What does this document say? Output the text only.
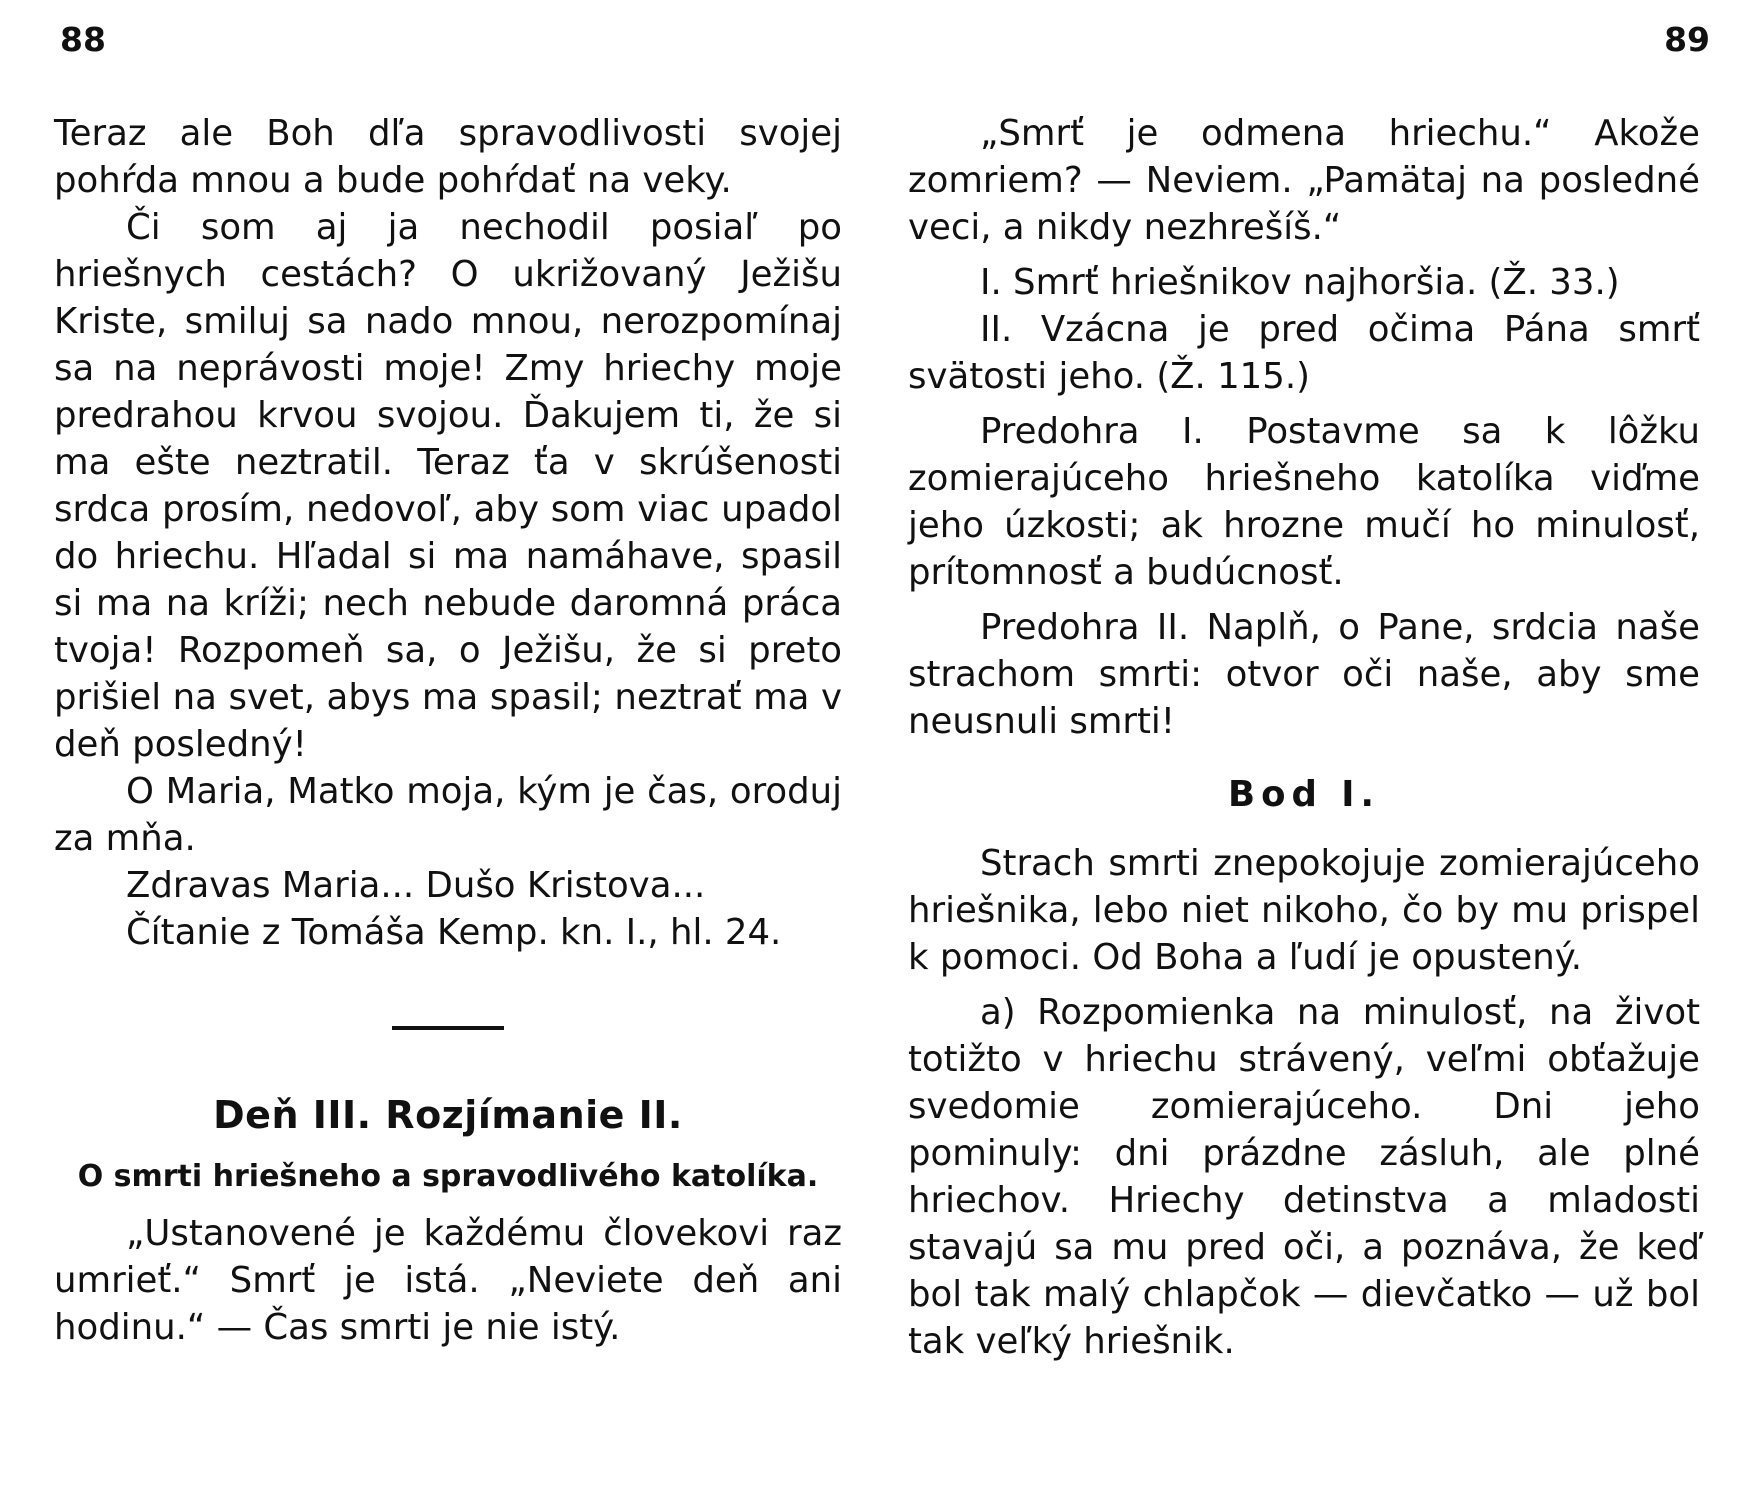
88

Teraz ale Boh dľa spravodlivosti svojej pohŕda mnou a bude pohŕdať na veky.

Či som aj ja nechodil posiaľ po hriešnych cestách? O ukrižovaný Ježišu Kriste, smiluj sa nado mnou, nerozpomínaj sa na neprávosti moje! Zmy hriechy moje predrahou krvou svojou. Ďakujem ti, že si ma ešte neztratil. Teraz ťa v skrúšenosti srdca prosím, nedovoľ, aby som viac upadol do hriechu. Hľadal si ma namáhave, spasil si ma na kríži; nech nebude daromná práca tvoja! Rozpomeň sa, o Ježišu, že si preto prišiel na svet, abys ma spasil; neztrať ma v deň posledný!

O Maria, Matko moja, kým je čas, oroduj za mňa.

Zdravas Maria... Dušo Kristova...

Čítanie z Tomáša Kemp. kn. I., hl. 24.

Deň III. Rozjímanie II.
O smrti hriešneho a spravodlivého katolíka.

„Ustanovené je každému človekovi raz umrieť.“ Smrť je istá. „Neviete deň ani hodinu.“ — Čas smrti je nie istý.

89

„Smrť je odmena hriechu.“ Akože zomriem? — Neviem. „Pamätaj na posledné veci, a nikdy nezhrešíš.“

I. Smrť hriešnikov najhoršia. (Ž. 33.)

II. Vzácna je pred očima Pána smrť svätosti jeho. (Ž. 115.)

Predohra I. Postavme sa k lôžku zomierajúceho hriešneho katolíka viďme jeho úzkosti; ak hrozne mučí ho minulosť, prítomnosť a budúcnosť.

Predohra II. Naplň, o Pane, srdcia naše strachom smrti: otvor oči naše, aby sme neusnuli smrti!

Bod I.

Strach smrti znepokojuje zomierajúceho hriešnika, lebo niet nikoho, čo by mu prispel k pomoci. Od Boha a ľudí je opustený.

a) Rozpomienka na minulosť, na život totižto v hriechu strávený, veľmi obťažuje svedomie zomierajúceho. Dni jeho pominuly: dni prázdne zásluh, ale plné hriechov. Hriechy detinstva a mladosti stavajú sa mu pred oči, a poznáva, že keď bol tak malý chlapčok — dievčatko — už bol tak veľký hriešnik.
